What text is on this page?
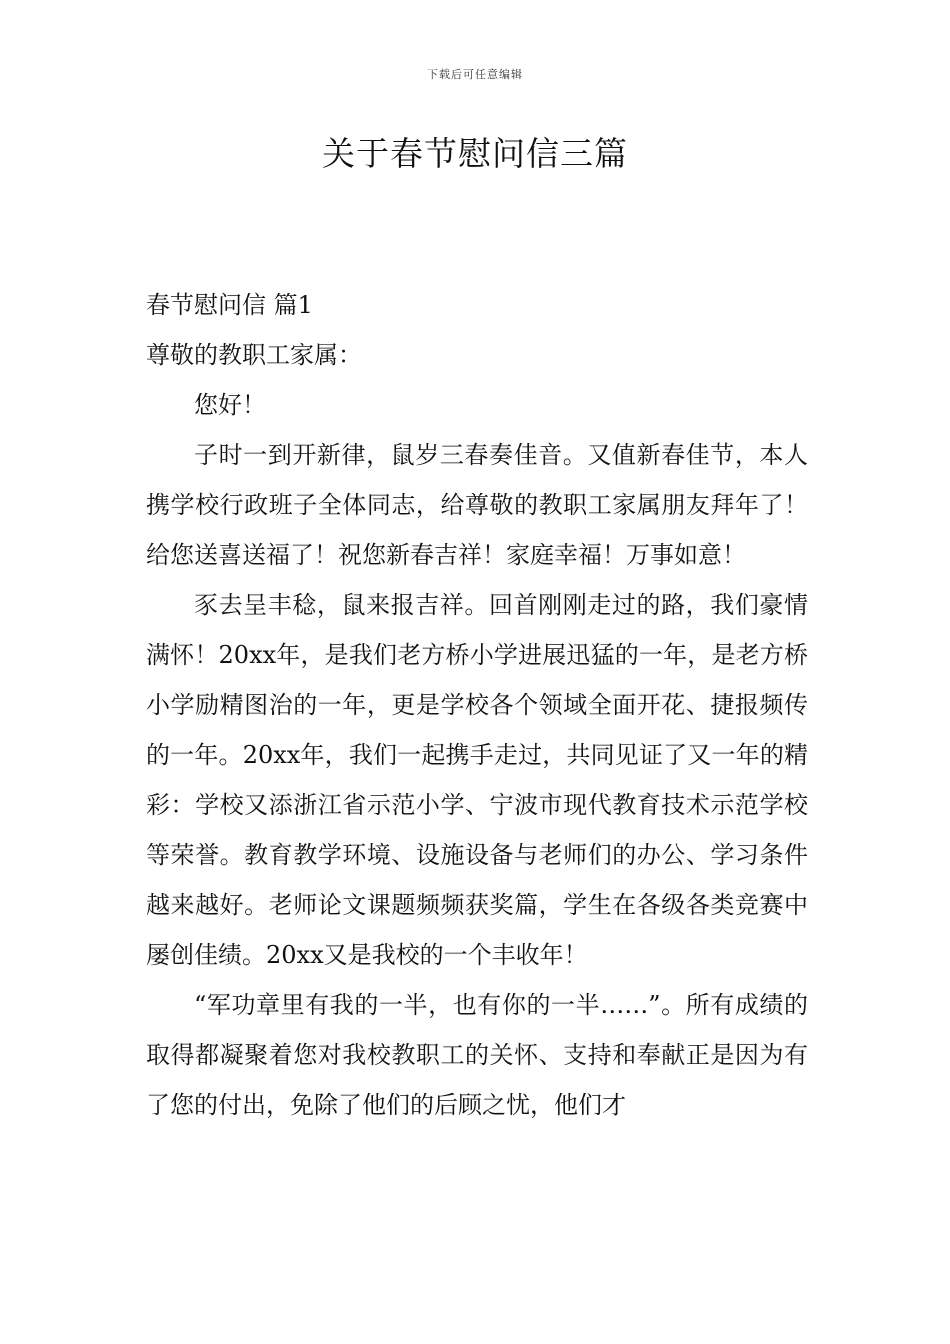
下载后可任意编辑
关于春节慰问信三篇

春节慰问信 篇1

尊敬的教职工家属：

您好！

子时一到开新律，鼠岁三春奏佳音。又值新春佳节，本人携学校行政班子全体同志，给尊敬的教职工家属朋友拜年了！给您送喜送福了！祝您新春吉祥！家庭幸福！万事如意！

豕去呈丰稔，鼠来报吉祥。回首刚刚走过的路，我们豪情满怀！20xx年，是我们老方桥小学进展迅猛的一年，是老方桥小学励精图治的一年，更是学校各个领域全面开花、捷报频传的一年。20xx年，我们一起携手走过，共同见证了又一年的精彩：学校又添浙江省示范小学、宁波市现代教育技术示范学校等荣誉。教育教学环境、设施设备与老师们的办公、学习条件越来越好。老师论文课题频频获奖篇，学生在各级各类竞赛中屡创佳绩。20xx又是我校的一个丰收年！

“军功章里有我的一半，也有你的一半……”。所有成绩的取得都凝聚着您对我校教职工的关怀、支持和奉献正是因为有了您的付出，免除了他们的后顾之忧，他们才
